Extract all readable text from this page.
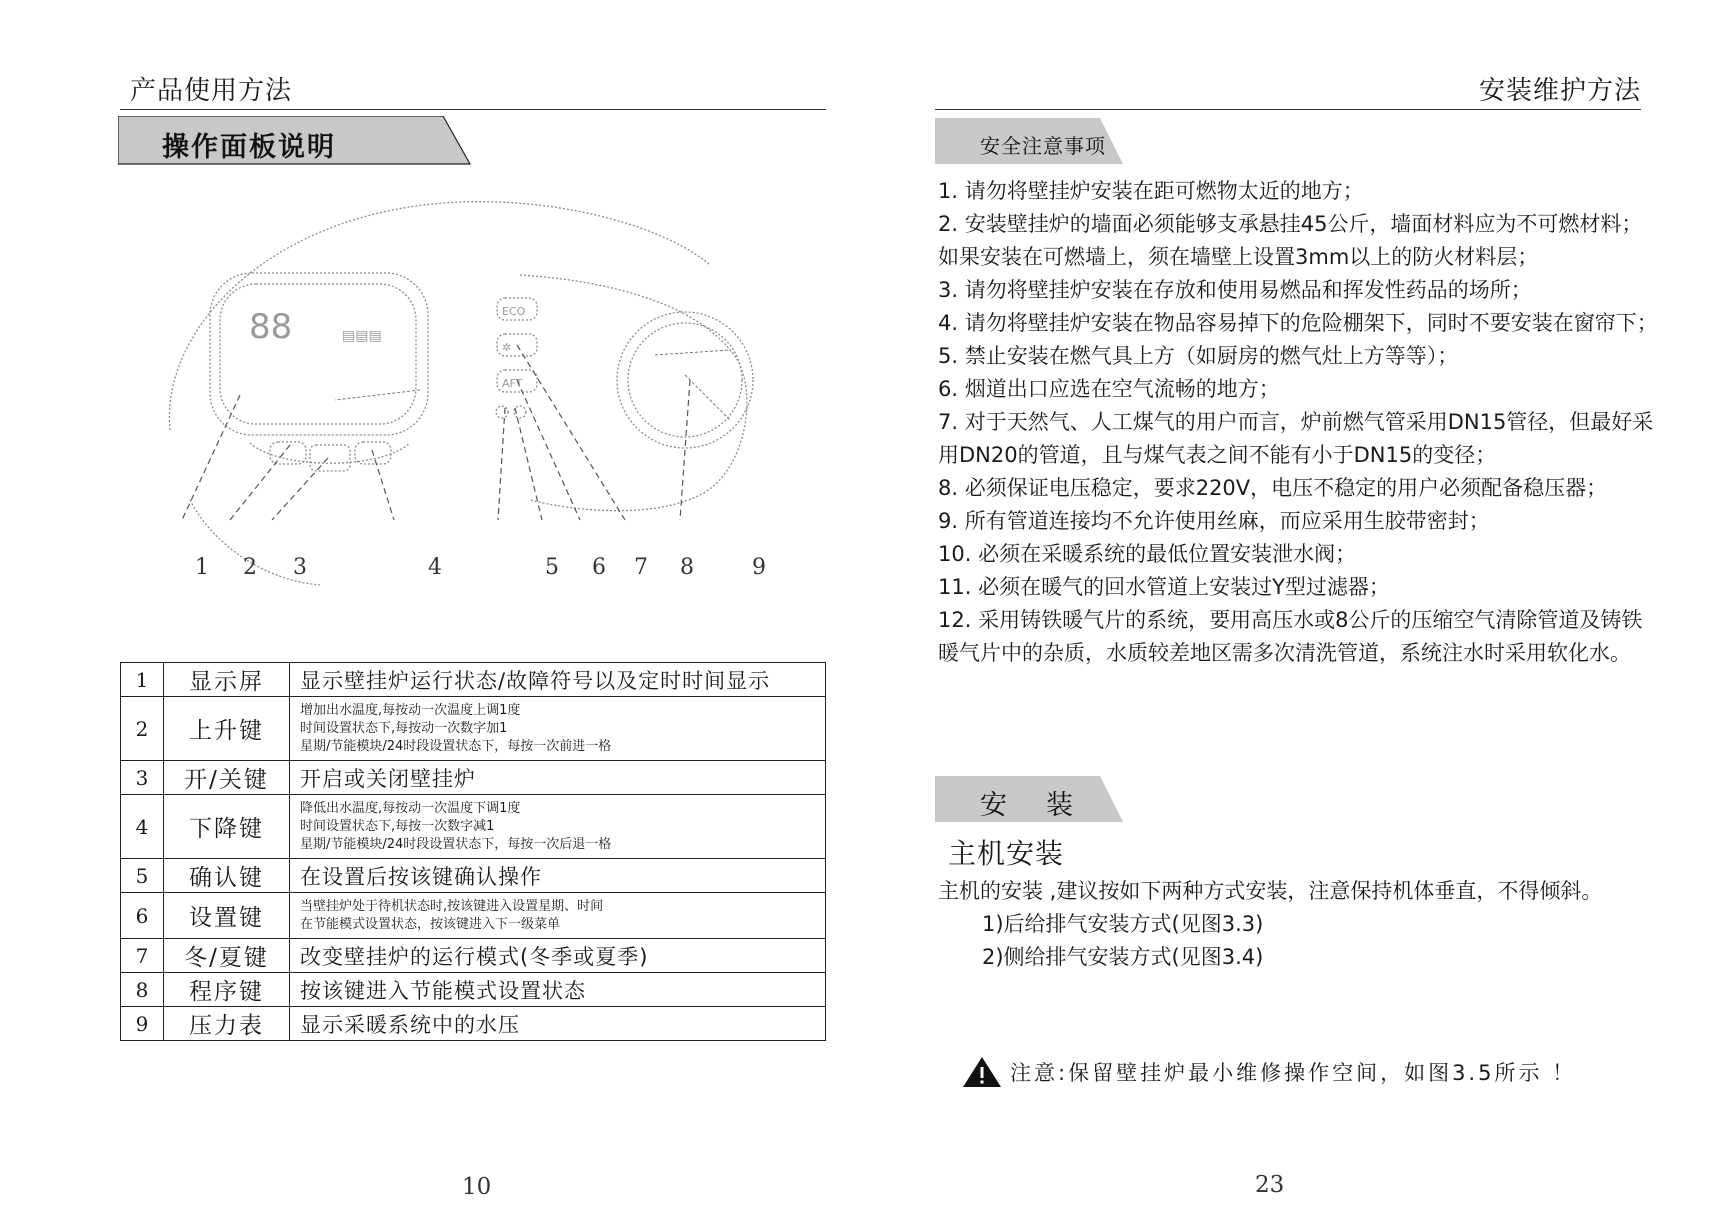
产品使用方法
操作面板说明
88	▤▤▤
ECO
✲
AFT
1 2 3	4	5 6 7 8	9
1	显示屏	显示壁挂炉运行状态/故障符号以及定时时间显示

2	上升键	增加出水温度,每按动一次温度上调1度
时间设置状态下,每按动一次数字加1
星期/节能模块/24时段设置状态下，每按一次前进一格

3	开/关键	开启或关闭壁挂炉

4	下降键	降低出水温度,每按动一次温度下调1度
时间设置状态下,每按一次数字减1
星期/节能模块/24时段设置状态下，每按一次后退一格

5	确认键	在设置后按该键确认操作

6	设置键	当壁挂炉处于待机状态时,按该键进入设置星期、时间
在节能模式设置状态，按该键进入下一级菜单

7	冬/夏键	改变壁挂炉的运行模式(冬季或夏季)

8	程序键	按该键进入节能模式设置状态

9	压力表	显示采暖系统中的水压
10
安装维护方法
安全注意事项

1. 请勿将壁挂炉安装在距可燃物太近的地方；

2. 安装壁挂炉的墙面必须能够支承悬挂45公斤，墙面材料应为不可燃材料；如果安装在可燃墙上，须在墙壁上设置3mm以上的防火材料层；

3. 请勿将壁挂炉安装在存放和使用易燃品和挥发性药品的场所；

4. 请勿将壁挂炉安装在物品容易掉下的危险棚架下，同时不要安装在窗帘下；

5. 禁止安装在燃气具上方（如厨房的燃气灶上方等等）；

6. 烟道出口应选在空气流畅的地方；

7. 对于天然气、人工煤气的用户而言，炉前燃气管采用DN15管径，但最好采用DN20的管道，且与煤气表之间不能有小于DN15的变径；

8. 必须保证电压稳定，要求220V，电压不稳定的用户必须配备稳压器；

9. 所有管道连接均不允许使用丝麻，而应采用生胶带密封；

10. 必须在采暖系统的最低位置安装泄水阀；

11. 必须在暖气的回水管道上安装过Y型过滤器；

12. 采用铸铁暖气片的系统，要用高压水或8公斤的压缩空气清除管道及铸铁暖气片中的杂质，水质较差地区需多次清洗管道，系统注水时采用软化水。

安　装
主机安装

主机的安装 ,建议按如下两种方式安装，注意保持机体垂直，不得倾斜。

1)后给排气安装方式(见图3.3)

2)侧给排气安装方式(见图3.4)

注意:保留壁挂炉最小维修操作空间，如图3.5所示 ！
23
